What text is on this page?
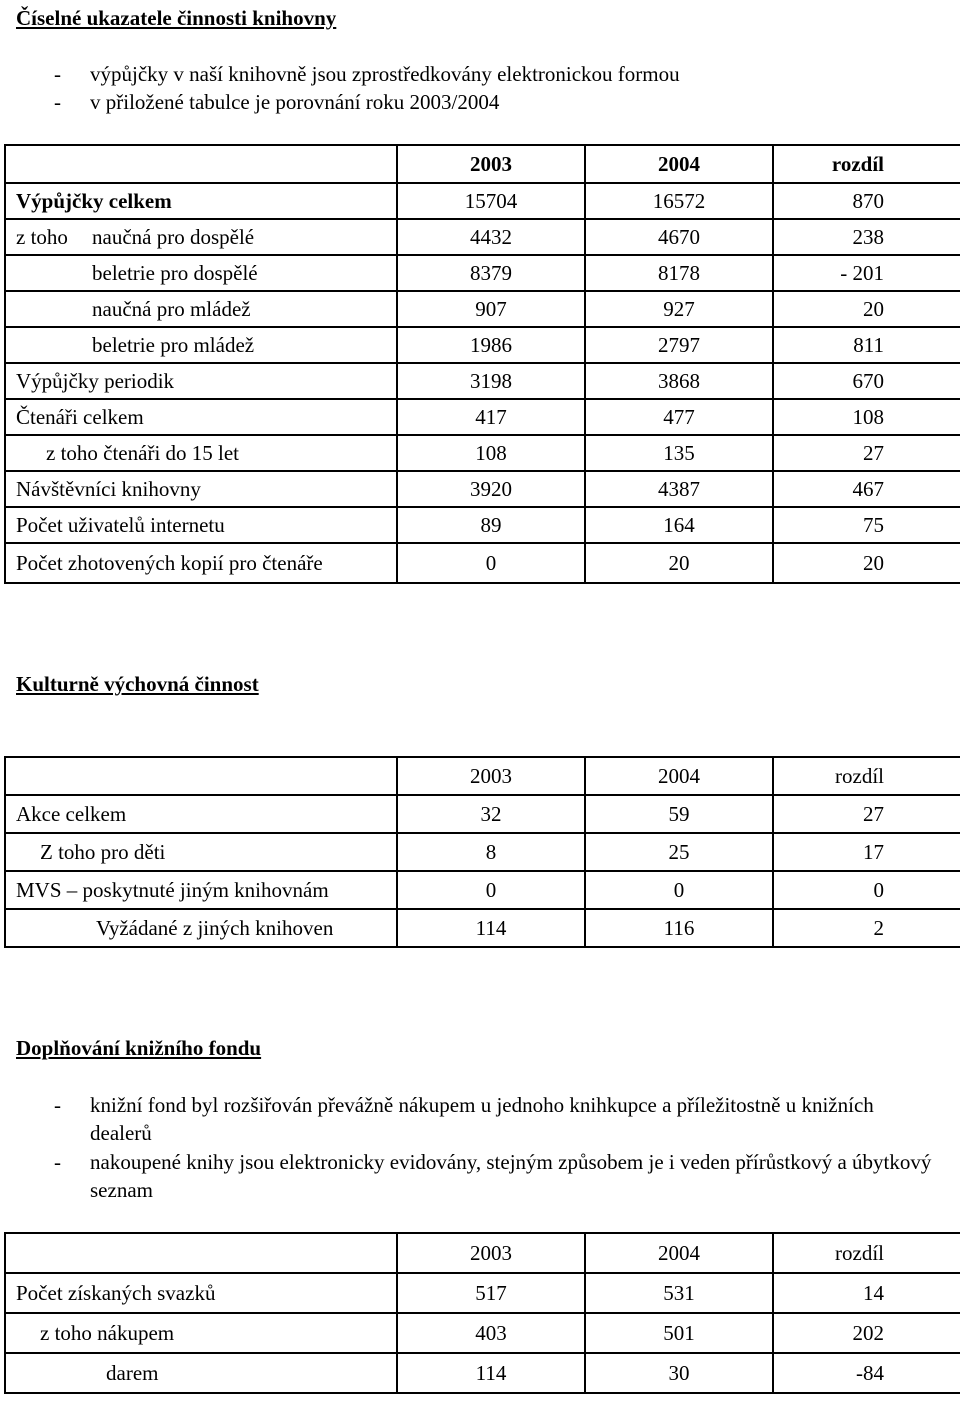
Číselné ukazatele činnosti knihovny
- výpůjčky v naší knihovně jsou zprostředkovány elektronickou formou
- v přiložené tabulce je porovnání roku 2003/2004
	2003	2004	rozdíl
Výpůjčky celkem	15704	16572	870

z toho naučná pro dospělé	4432	4670	238
beletrie pro dospělé	8379	8178	- 201
naučná pro mládež	907	927	20
beletrie pro mládež	1986	2797	811
Výpůjčky periodik	3198	3868	670
Čtenáři celkem	417	477	108
z toho čtenáři do 15 let	108	135	27
Návštěvníci knihovny	3920	4387	467
Počet uživatelů internetu	89	164	75
Počet zhotovených kopií pro čtenáře	0	20	20
Kulturně výchovná činnost
	2003	2004	rozdíl
Akce celkem	32	59	27
Z toho pro děti	8	25	17
MVS – poskytnuté jiným knihovnám	0	0	0
Vyžádané z jiných knihoven	114	116	2
Doplňování knižního fondu
- knižní fond byl rozšiřován převážně nákupem u jednoho knihkupce a příležitostně u knižních dealerů
- nakoupené knihy jsou elektronicky evidovány, stejným způsobem je i veden přírůstkový a úbytkový seznam
	2003	2004	rozdíl
Počet získaných svazků	517	531	14
z toho nákupem	403	501	202
darem	114	30	-84
